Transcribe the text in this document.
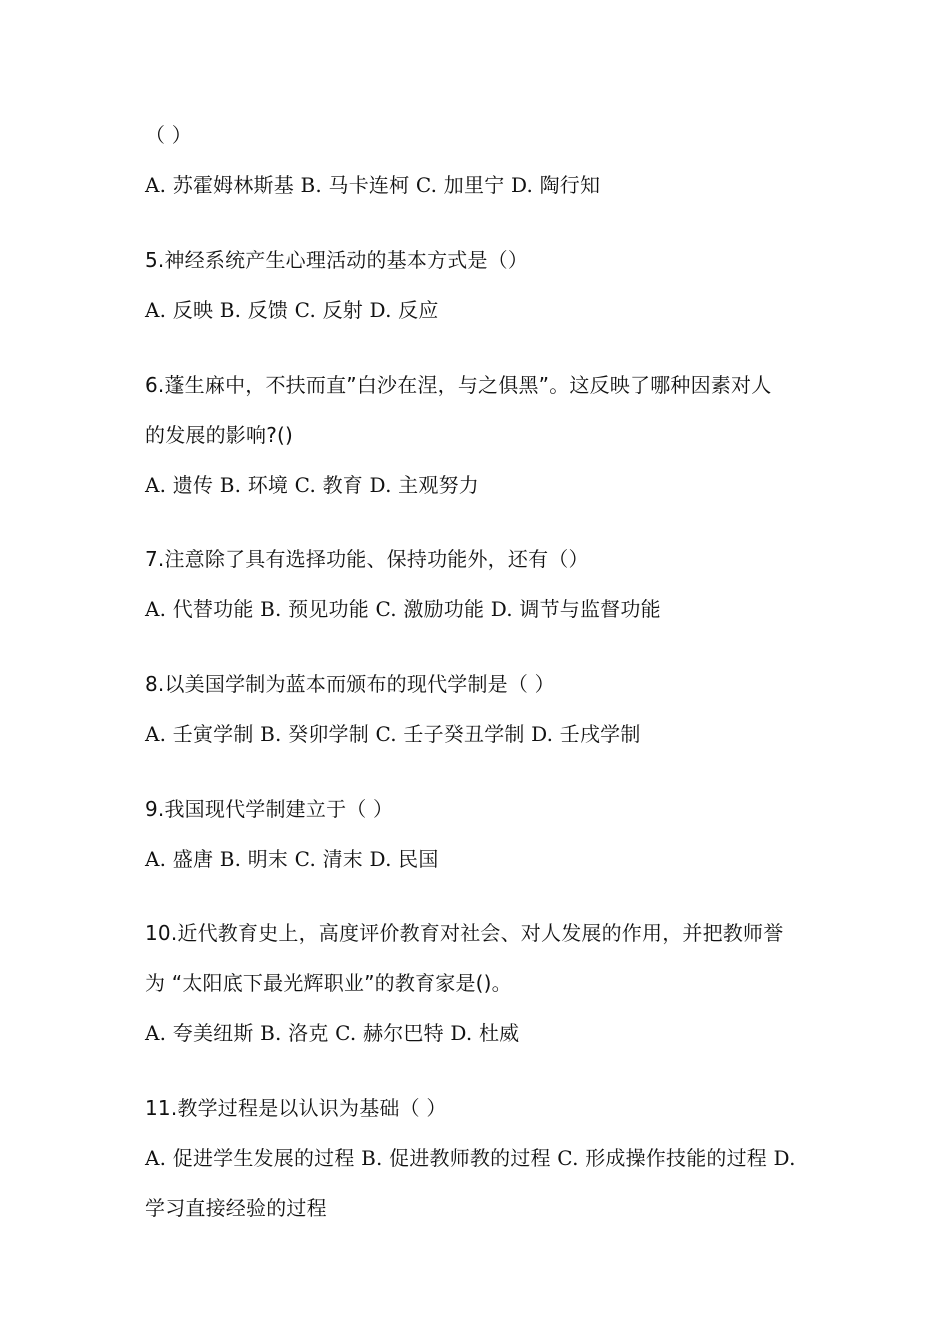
（ ）
A. 苏霍姆林斯基 B. 马卡连柯 C. 加里宁 D. 陶行知
5.神经系统产生心理活动的基本方式是（）
A. 反映 B. 反馈 C. 反射 D. 反应
6.蓬生麻中，不扶而直”白沙在涅，与之俱黑”。这反映了哪种因素对人
的发展的影响?()
A. 遗传 B. 环境 C. 教育 D. 主观努力
7.注意除了具有选择功能、保持功能外，还有（）
A. 代替功能 B. 预见功能 C. 激励功能 D. 调节与监督功能
8.以美国学制为蓝本而颁布的现代学制是（ ）
A. 壬寅学制 B. 癸卯学制 C. 壬子癸丑学制 D. 壬戌学制
9.我国现代学制建立于（ ）
A. 盛唐 B. 明末 C. 清末 D. 民国
10.近代教育史上，高度评价教育对社会、对人发展的作用，并把教师誉
为 “太阳底下最光辉职业”的教育家是()。
A. 夸美纽斯 B. 洛克 C. 赫尔巴特 D. 杜威
11.教学过程是以认识为基础（ ）
A. 促进学生发展的过程 B. 促进教师教的过程 C. 形成操作技能的过程 D.
学习直接经验的过程
